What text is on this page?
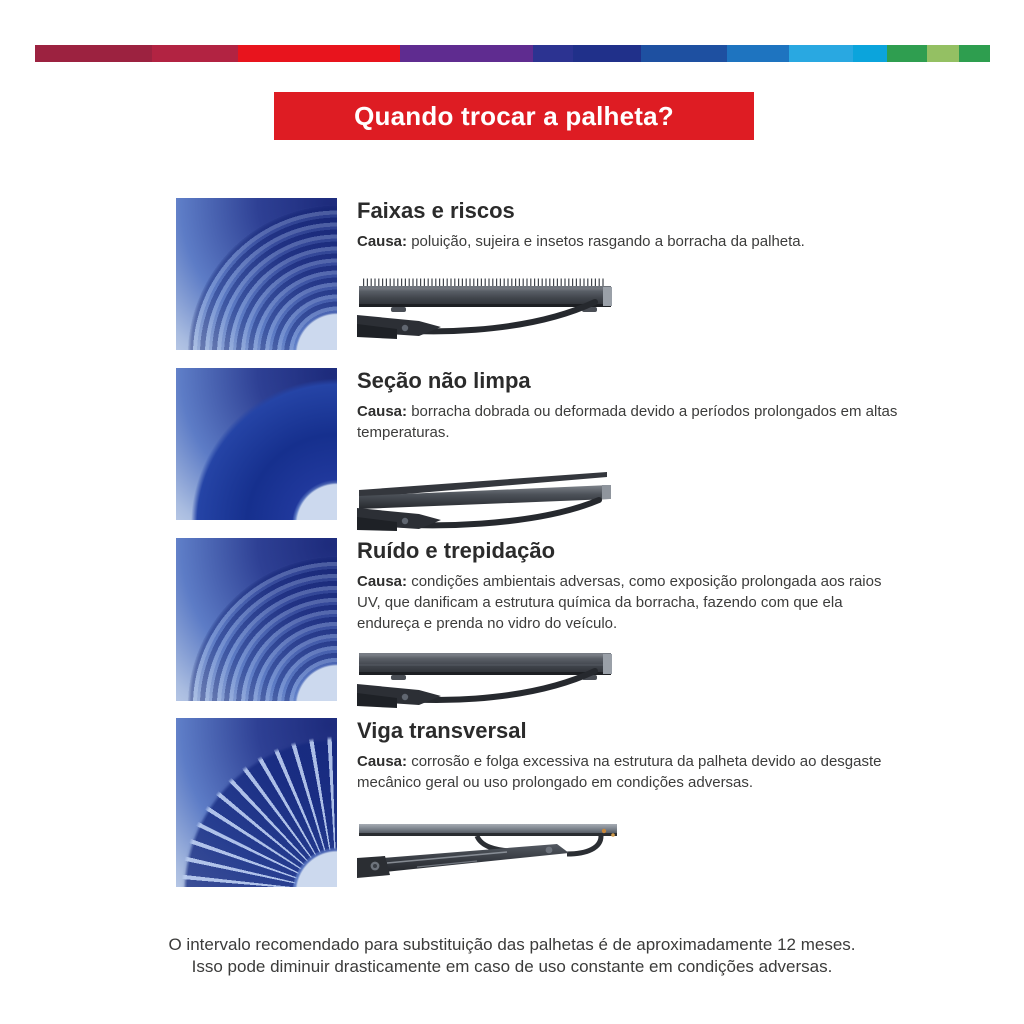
Quando trocar a palheta?
Faixas e riscos

Causa: poluição, sujeira e insetos rasgando a borracha da palheta.

Seção não limpa

Causa: borracha dobrada ou deformada devido a períodos prolongados em altas temperaturas.

Ruído e trepidação

Causa: condições ambientais adversas, como exposição prolongada aos raios UV, que danificam a estrutura química da borracha, fazendo com que ela endureça e prenda no vidro do veículo.

Viga transversal

Causa: corrosão e folga excessiva na estrutura da palheta devido ao desgaste mecânico geral ou uso prolongado em condições adversas.

O intervalo recomendado para substituição das palhetas é de aproximadamente 12 meses.
Isso pode diminuir drasticamente em caso de uso constante em condições adversas.
